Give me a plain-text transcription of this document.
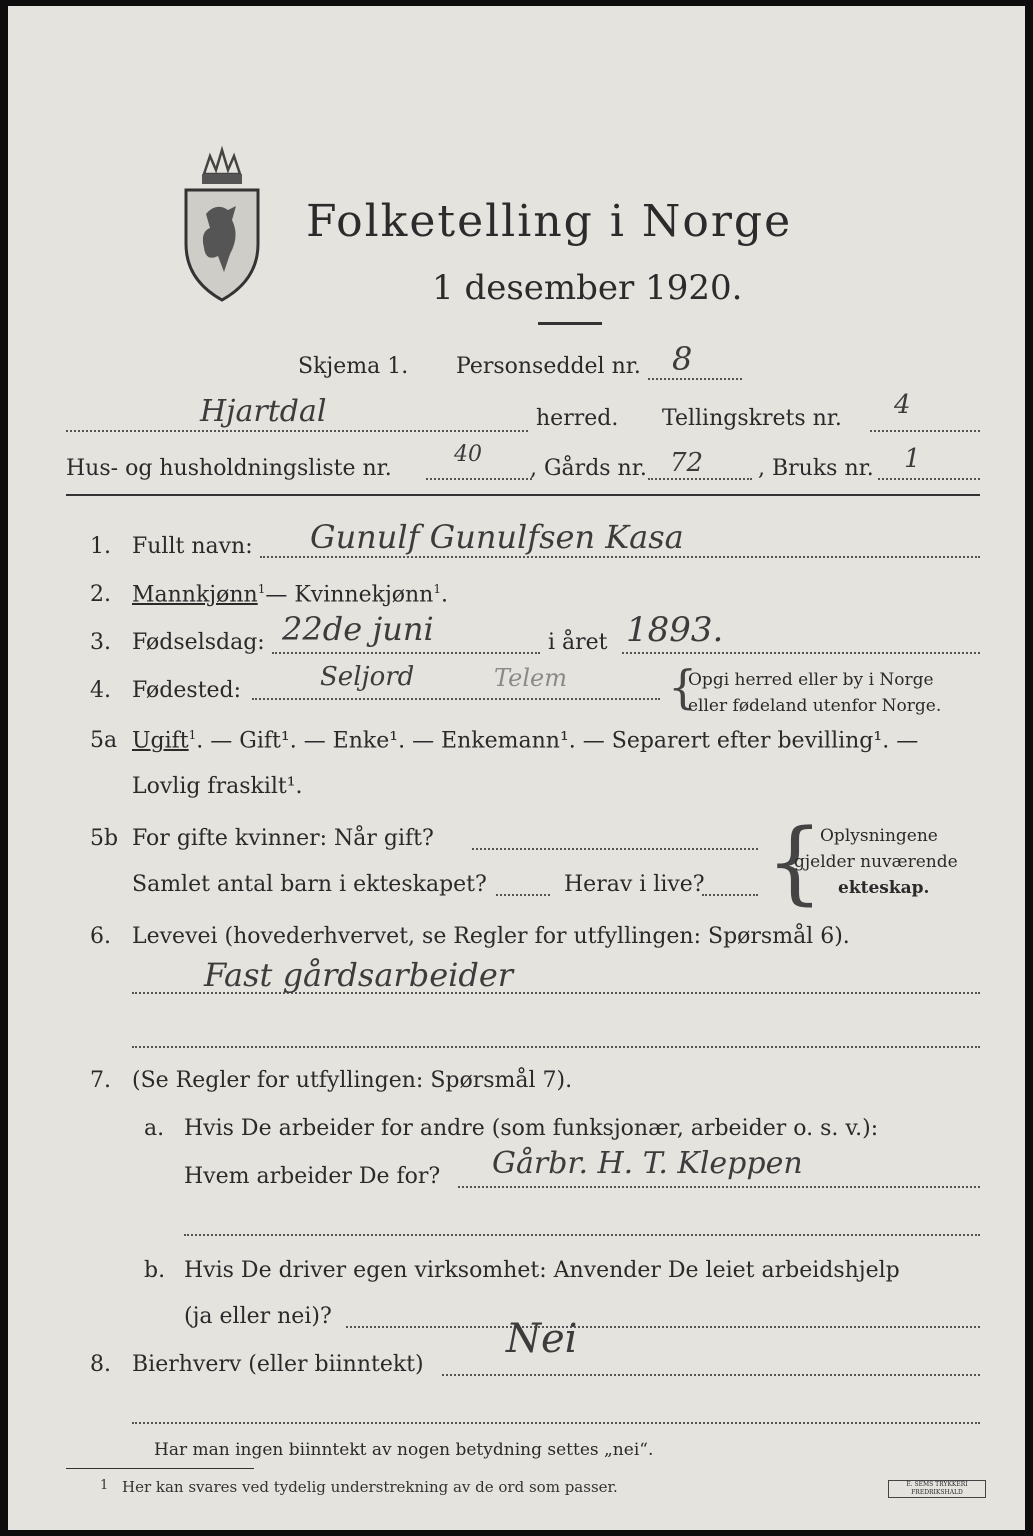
Folketelling i Norge
1 desember 1920.
Skjema 1. Personseddel nr. 8
Hjartdal	herred. Tellingskrets nr. 4
Hus- og husholdningsliste nr.
40
, Gårds nr. 72 , Bruks nr. 1
1. Fullt navn: Gunulf Gunulfsen Kasa
2. Mannkjønn$^1$— Kvinnekjønn$^1$.
3. Fødselsdag: 22de juni	i året 1893.
4. Fødested:	Seljord	Telem {
Opgi herred eller by i Norge
eller fødeland utenfor Norge.
5a Ugift$^1$. — Gift¹. — Enke¹. — Enkemann¹. — Separert efter bevilling¹. —
Lovlig fraskilt¹.
5b For gifte kvinner: Når gift?
Samlet antal barn i ekteskapet?	Herav i live? {
Oplysningene
gjelder nuværende
ekteskap.
6. Levevei (hovederhvervet, se Regler for utfyllingen: Spørsmål 6).
Fast gårdsarbeider
7. (Se Regler for utfyllingen: Spørsmål 7).
a. Hvis De arbeider for andre (som funksjonær, arbeider o. s. v.):
Hvem arbeider De for? Gårbr. H. T. Kleppen
b. Hvis De driver egen virksomhet: Anvender De leiet arbeidshjelp
(ja eller nei)?
8. Bierhverv (eller biinntekt)
Nei
Har man ingen biinntekt av nogen betydning settes „nei“.
1 Her kan svares ved tydelig understrekning av de ord som passer.	E. SEMS TRYKKERI FREDRIKSHALD
